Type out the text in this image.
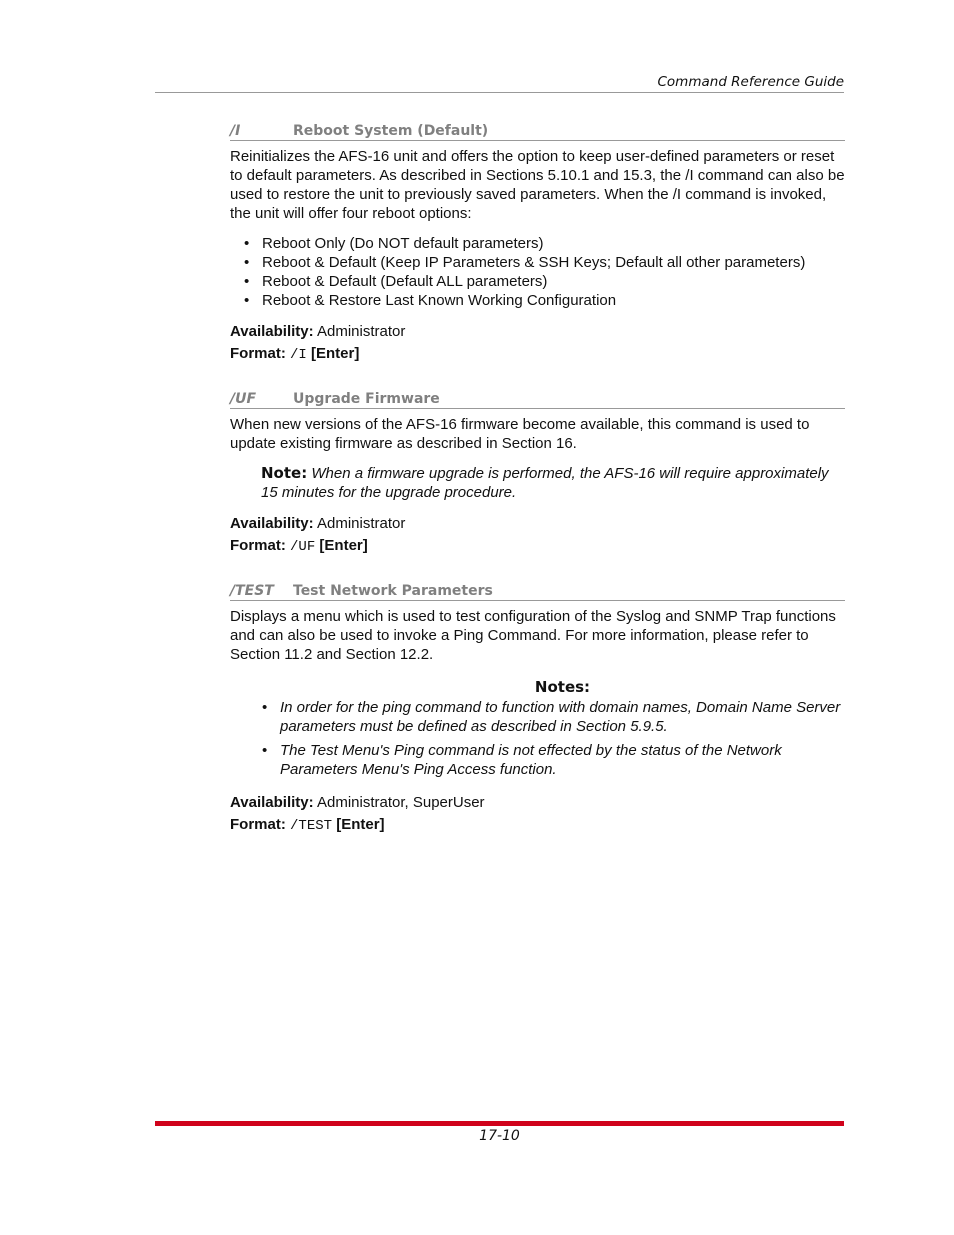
Command Reference Guide
/I	Reboot System (Default)
Reinitializes the AFS-16 unit and offers the option to keep user-defined parameters or reset to default parameters. As described in Sections 5.10.1 and 15.3, the /I command can also be used to restore the unit to previously saved parameters. When the /I command is invoked, the unit will offer four reboot options:
• Reboot Only (Do NOT default parameters)
• Reboot & Default (Keep IP Parameters & SSH Keys; Default all other parameters)
• Reboot & Default (Default ALL parameters)
• Reboot & Restore Last Known Working Configuration
Availability: Administrator
Format: /I [Enter]
/UF	Upgrade Firmware
When new versions of the AFS-16 firmware become available, this command is used to update existing firmware as described in Section 16.
Note: When a firmware upgrade is performed, the AFS-16 will require approximately 15 minutes for the upgrade procedure.
Availability: Administrator
Format: /UF [Enter]
/TEST	Test Network Parameters
Displays a menu which is used to test configuration of the Syslog and SNMP Trap functions and can also be used to invoke a Ping Command. For more information, please refer to Section 11.2 and Section 12.2.
Notes:
• In order for the ping command to function with domain names, Domain Name Server parameters must be defined as described in Section 5.9.5.
• The Test Menu's Ping command is not effected by the status of the Network Parameters Menu's Ping Access function.
Availability: Administrator, SuperUser
Format: /TEST [Enter]
17-10
